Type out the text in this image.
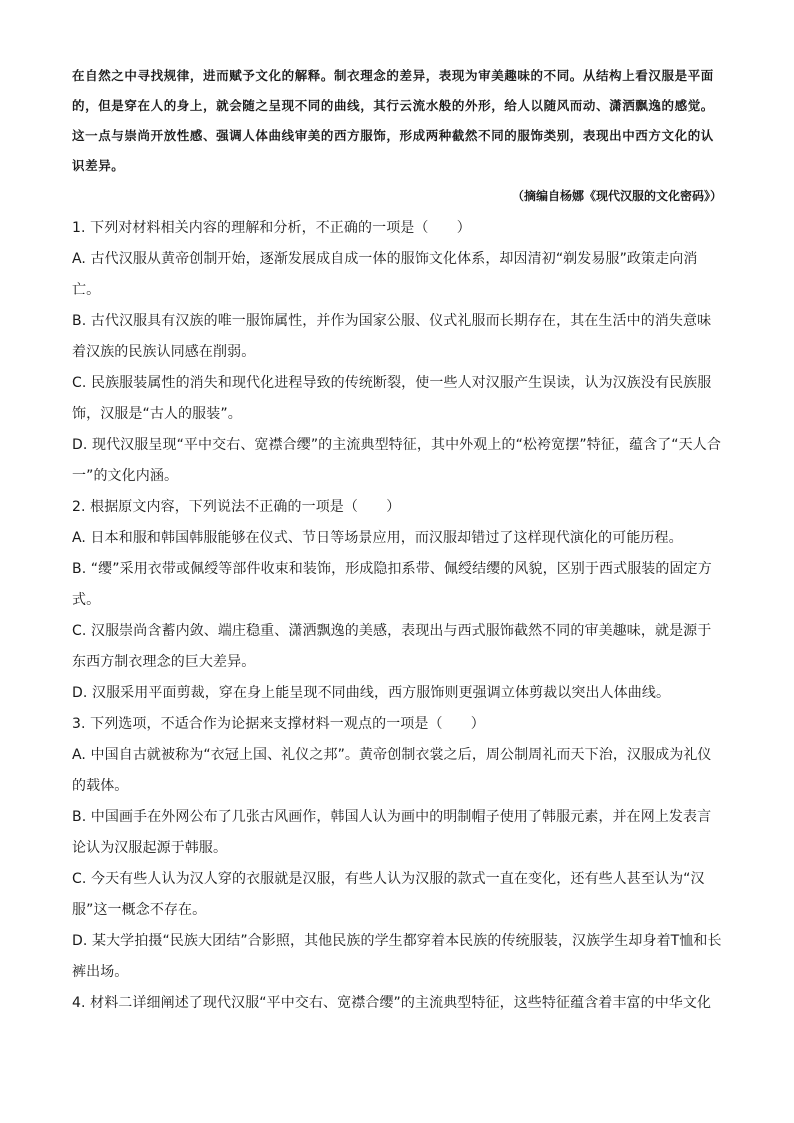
在自然之中寻找规律，进而赋予文化的解释。制衣理念的差异，表现为审美趣味的不同。从结构上看汉服是平面的，但是穿在人的身上，就会随之呈现不同的曲线，其行云流水般的外形，给人以随风而动、潇洒飘逸的感觉。这一点与崇尚开放性感、强调人体曲线审美的西方服饰，形成两种截然不同的服饰类别，表现出中西方文化的认识差异。

（摘编自杨娜《现代汉服的文化密码》）

1. 下列对材料相关内容的理解和分析，不正确的一项是（　　）

A. 古代汉服从黄帝创制开始，逐渐发展成自成一体的服饰文化体系，却因清初“剃发易服”政策走向消亡。

B. 古代汉服具有汉族的唯一服饰属性，并作为国家公服、仪式礼服而长期存在，其在生活中的消失意味着汉族的民族认同感在削弱。

C. 民族服装属性的消失和现代化进程导致的传统断裂，使一些人对汉服产生误读，认为汉族没有民族服饰，汉服是“古人的服装”。

D. 现代汉服呈现“平中交右、宽襟合缨”的主流典型特征，其中外观上的“松袴宽摆”特征，蕴含了“天人合一”的文化内涵。

2. 根据原文内容，下列说法不正确的一项是（　　）

A. 日本和服和韩国韩服能够在仪式、节日等场景应用，而汉服却错过了这样现代演化的可能历程。

B. “缨”采用衣带或佩绶等部件收束和装饰，形成隐扣系带、佩绶结缨的风貌，区别于西式服装的固定方式。

C. 汉服崇尚含蓄内敛、端庄稳重、潇洒飘逸的美感，表现出与西式服饰截然不同的审美趣味，就是源于东西方制衣理念的巨大差异。

D. 汉服采用平面剪裁，穿在身上能呈现不同曲线，西方服饰则更强调立体剪裁以突出人体曲线。

3. 下列选项，不适合作为论据来支撑材料一观点的一项是（　　）

A. 中国自古就被称为“衣冠上国、礼仪之邦”。黄帝创制衣裳之后，周公制周礼而天下治，汉服成为礼仪的载体。

B. 中国画手在外网公布了几张古风画作，韩国人认为画中的明制帽子使用了韩服元素，并在网上发表言论认为汉服起源于韩服。

C. 今天有些人认为汉人穿的衣服就是汉服，有些人认为汉服的款式一直在变化，还有些人甚至认为“汉服”这一概念不存在。

D. 某大学拍摄“民族大团结”合影照，其他民族的学生都穿着本民族的传统服装，汉族学生却身着T恤和长裤出场。

4. 材料二详细阐述了现代汉服“平中交右、宽襟合缨”的主流典型特征，这些特征蕴含着丰富的中华文化
